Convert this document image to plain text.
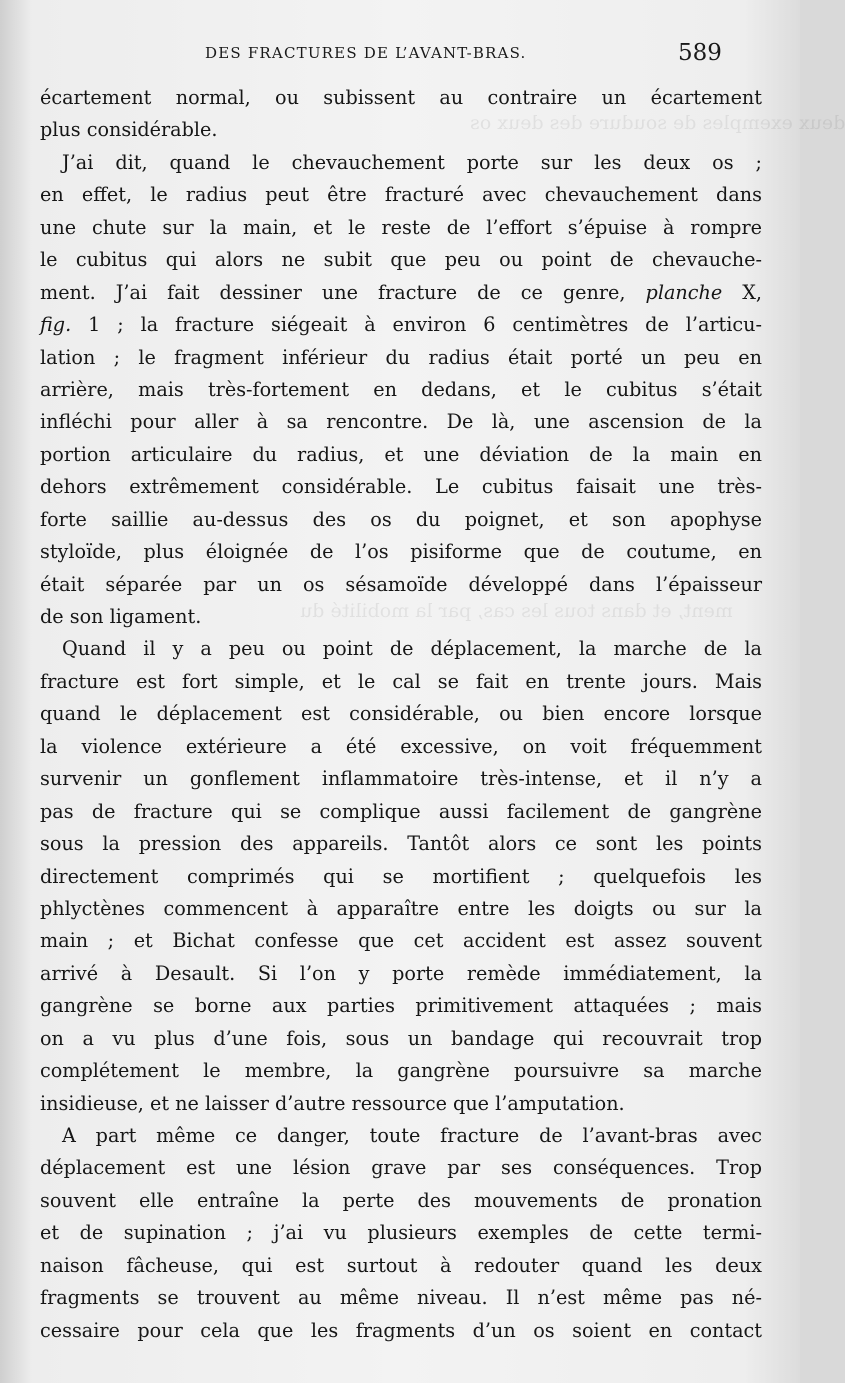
deux exemples de soudure des deux os
ment, et dans tous les cas, par la mobilité du
DES FRACTURES DE L’AVANT-BRAS.	589
écartement normal, ou subissent au contraire un écartement
plus considérable.
J’ai dit, quand le chevauchement porte sur les deux os ;
en effet, le radius peut être fracturé avec chevauchement dans
une chute sur la main, et le reste de l’effort s’épuise à rompre
le cubitus qui alors ne subit que peu ou point de chevauche-
ment. J’ai fait dessiner une fracture de ce genre, planche X,
fig. 1 ; la fracture siégeait à environ 6 centimètres de l’articu-
lation ; le fragment inférieur du radius était porté un peu en
arrière, mais très-fortement en dedans, et le cubitus s’était
infléchi pour aller à sa rencontre. De là, une ascension de la
portion articulaire du radius, et une déviation de la main en
dehors extrêmement considérable. Le cubitus faisait une très-
forte saillie au-dessus des os du poignet, et son apophyse
styloïde, plus éloignée de l’os pisiforme que de coutume, en
était séparée par un os sésamoïde développé dans l’épaisseur
de son ligament.
Quand il y a peu ou point de déplacement, la marche de la
fracture est fort simple, et le cal se fait en trente jours. Mais
quand le déplacement est considérable, ou bien encore lorsque
la violence extérieure a été excessive, on voit fréquemment
survenir un gonflement inflammatoire très-intense, et il n’y a
pas de fracture qui se complique aussi facilement de gangrène
sous la pression des appareils. Tantôt alors ce sont les points
directement comprimés qui se mortifient ; quelquefois les
phlyctènes commencent à apparaître entre les doigts ou sur la
main ; et Bichat confesse que cet accident est assez souvent
arrivé à Desault. Si l’on y porte remède immédiatement, la
gangrène se borne aux parties primitivement attaquées ; mais
on a vu plus d’une fois, sous un bandage qui recouvrait trop
complétement le membre, la gangrène poursuivre sa marche
insidieuse, et ne laisser d’autre ressource que l’amputation.
A part même ce danger, toute fracture de l’avant-bras avec
déplacement est une lésion grave par ses conséquences. Trop
souvent elle entraîne la perte des mouvements de pronation
et de supination ; j’ai vu plusieurs exemples de cette termi-
naison fâcheuse, qui est surtout à redouter quand les deux
fragments se trouvent au même niveau. Il n’est même pas né-
cessaire pour cela que les fragments d’un os soient en contact
